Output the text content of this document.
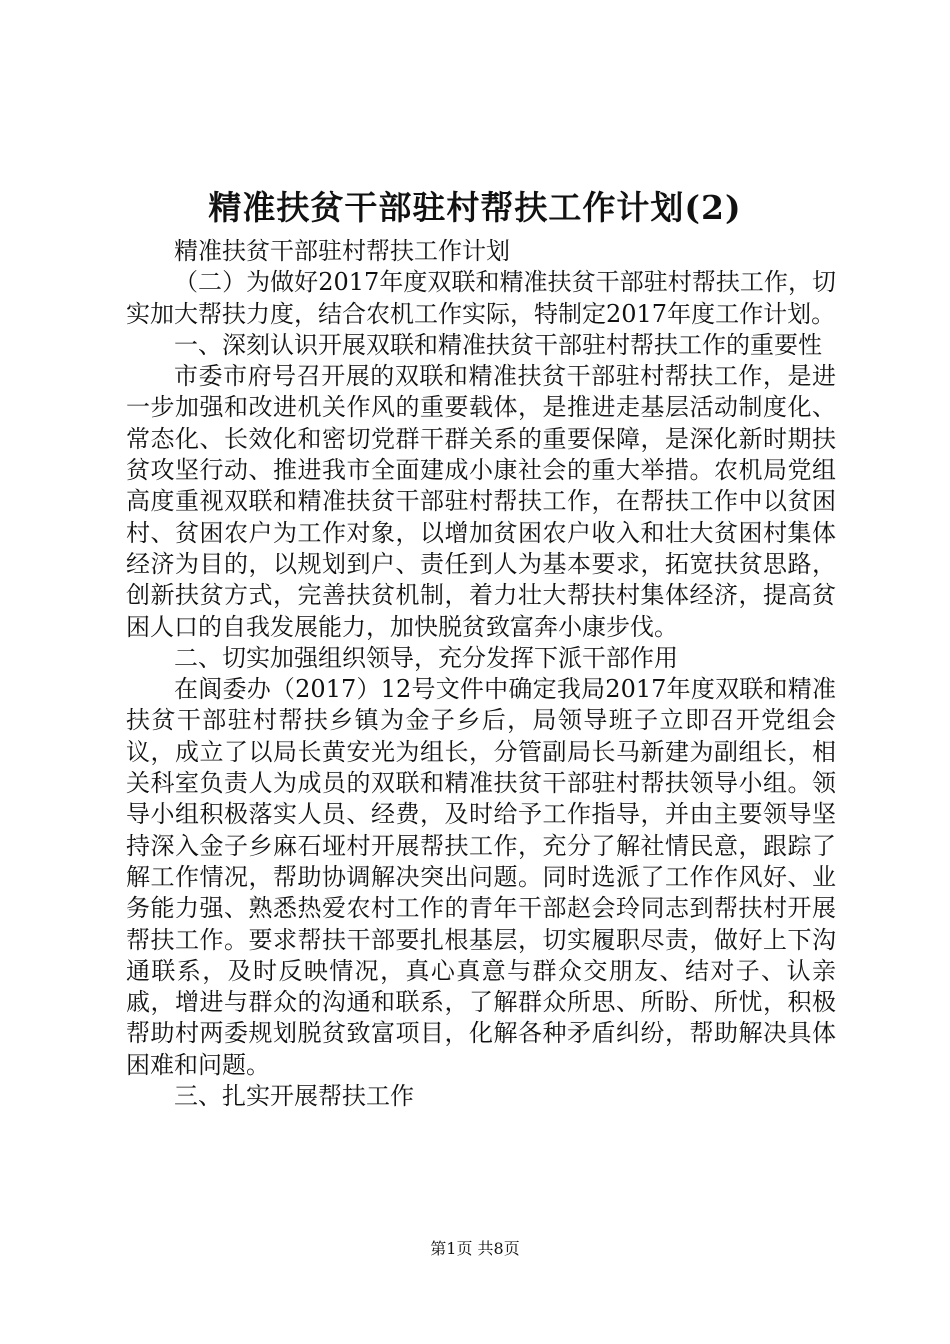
精准扶贫干部驻村帮扶工作计划(2)

精准扶贫干部驻村帮扶工作计划

（二）为做好2017年度双联和精准扶贫干部驻村帮扶工作，切实加大帮扶力度，结合农机工作实际，特制定2017年度工作计划。

一、深刻认识开展双联和精准扶贫干部驻村帮扶工作的重要性

市委市府号召开展的双联和精准扶贫干部驻村帮扶工作，是进一步加强和改进机关作风的重要载体，是推进走基层活动制度化、常态化、长效化和密切党群干群关系的重要保障，是深化新时期扶贫攻坚行动、推进我市全面建成小康社会的重大举措。农机局党组高度重视双联和精准扶贫干部驻村帮扶工作，在帮扶工作中以贫困村、贫困农户为工作对象，以增加贫困农户收入和壮大贫困村集体经济为目的，以规划到户、责任到人为基本要求，拓宽扶贫思路，创新扶贫方式，完善扶贫机制，着力壮大帮扶村集体经济，提高贫困人口的自我发展能力，加快脱贫致富奔小康步伐。

二、切实加强组织领导，充分发挥下派干部作用

在阆委办（2017）12号文件中确定我局2017年度双联和精准扶贫干部驻村帮扶乡镇为金子乡后，局领导班子立即召开党组会议，成立了以局长黄安光为组长，分管副局长马新建为副组长，相关科室负责人为成员的双联和精准扶贫干部驻村帮扶领导小组。领导小组积极落实人员、经费，及时给予工作指导，并由主要领导坚持深入金子乡麻石垭村开展帮扶工作，充分了解社情民意，跟踪了解工作情况，帮助协调解决突出问题。同时选派了工作作风好、业务能力强、熟悉热爱农村工作的青年干部赵会玲同志到帮扶村开展帮扶工作。要求帮扶干部要扎根基层，切实履职尽责，做好上下沟通联系，及时反映情况，真心真意与群众交朋友、结对子、认亲戚，增进与群众的沟通和联系，了解群众所思、所盼、所忧，积极帮助村两委规划脱贫致富项目，化解各种矛盾纠纷，帮助解决具体困难和问题。

三、扎实开展帮扶工作

第1页 共8页
